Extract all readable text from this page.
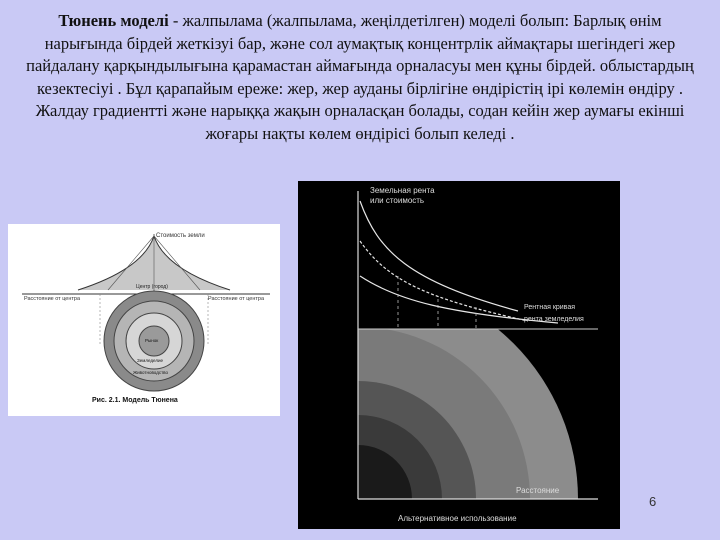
Тюнень моделі - жалпылама (жалпылама, жеңілдетілген) моделі болып: Барлық өнім нарығында бірдей жеткізуі бар, және сол аумақтық концентрлік аймақтары шегіндегі жер пайдалану қарқындылығына қарамастан аймағында орналасуы мен құны бірдей. облыстардың кезектесіуі . Бұл қарапайым ереже: жер, жер ауданы бірлігіне өндірістің ірі көлемін өндіру . Жалдау градиентті және нарыққа жақын орналасқан болады, содан кейін жер аумағы екінші жоғары нақты көлем өндірісі болып келеді .
Стоимость земли
Расстояние от центра	Расстояние от центра
Центр (город)
Рынок
Земледелие
Животноводство
Рис. 2.1. Модель Тюнена
Земельная рента
или стоимость
Рентная кривая
рента земледелия
Расстояние
Альтернативное использование
6
